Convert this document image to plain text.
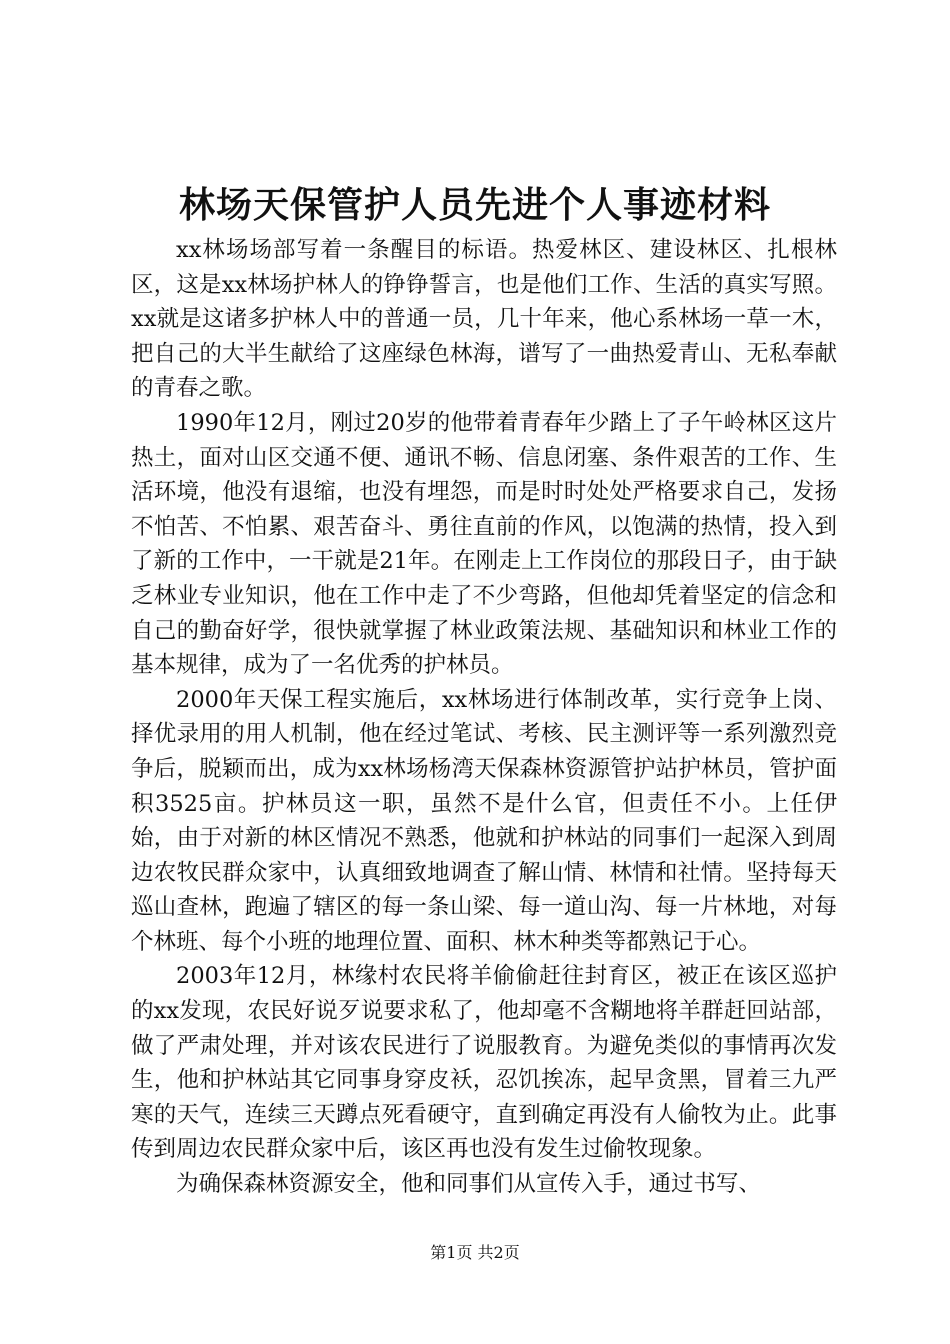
林场天保管护人员先进个人事迹材料

xx林场场部写着一条醒目的标语。热爱林区、建设林区、扎根林区，这是xx林场护林人的铮铮誓言，也是他们工作、生活的真实写照。xx就是这诸多护林人中的普通一员，几十年来，他心系林场一草一木，把自己的大半生献给了这座绿色林海，谱写了一曲热爱青山、无私奉献的青春之歌。

1990年12月，刚过20岁的他带着青春年少踏上了子午岭林区这片热土，面对山区交通不便、通讯不畅、信息闭塞、条件艰苦的工作、生活环境，他没有退缩，也没有埋怨，而是时时处处严格要求自己，发扬不怕苦、不怕累、艰苦奋斗、勇往直前的作风，以饱满的热情，投入到了新的工作中，一干就是21年。在刚走上工作岗位的那段日子，由于缺乏林业专业知识，他在工作中走了不少弯路，但他却凭着坚定的信念和自己的勤奋好学，很快就掌握了林业政策法规、基础知识和林业工作的基本规律，成为了一名优秀的护林员。

2000年天保工程实施后，xx林场进行体制改革，实行竞争上岗、择优录用的用人机制，他在经过笔试、考核、民主测评等一系列激烈竞争后，脱颖而出，成为xx林场杨湾天保森林资源管护站护林员，管护面积3525亩。护林员这一职，虽然不是什么官，但责任不小。上任伊始，由于对新的林区情况不熟悉，他就和护林站的同事们一起深入到周边农牧民群众家中，认真细致地调查了解山情、林情和社情。坚持每天巡山查林，跑遍了辖区的每一条山梁、每一道山沟、每一片林地，对每个林班、每个小班的地理位置、面积、林木种类等都熟记于心。

2003年12月，林缘村农民将羊偷偷赶往封育区，被正在该区巡护的xx发现，农民好说歹说要求私了，他却毫不含糊地将羊群赶回站部，做了严肃处理，并对该农民进行了说服教育。为避免类似的事情再次发生，他和护林站其它同事身穿皮袄，忍饥挨冻，起早贪黑，冒着三九严寒的天气，连续三天蹲点死看硬守，直到确定再没有人偷牧为止。此事传到周边农民群众家中后，该区再也没有发生过偷牧现象。

为确保森林资源安全，他和同事们从宣传入手，通过书写、

第1页 共2页
